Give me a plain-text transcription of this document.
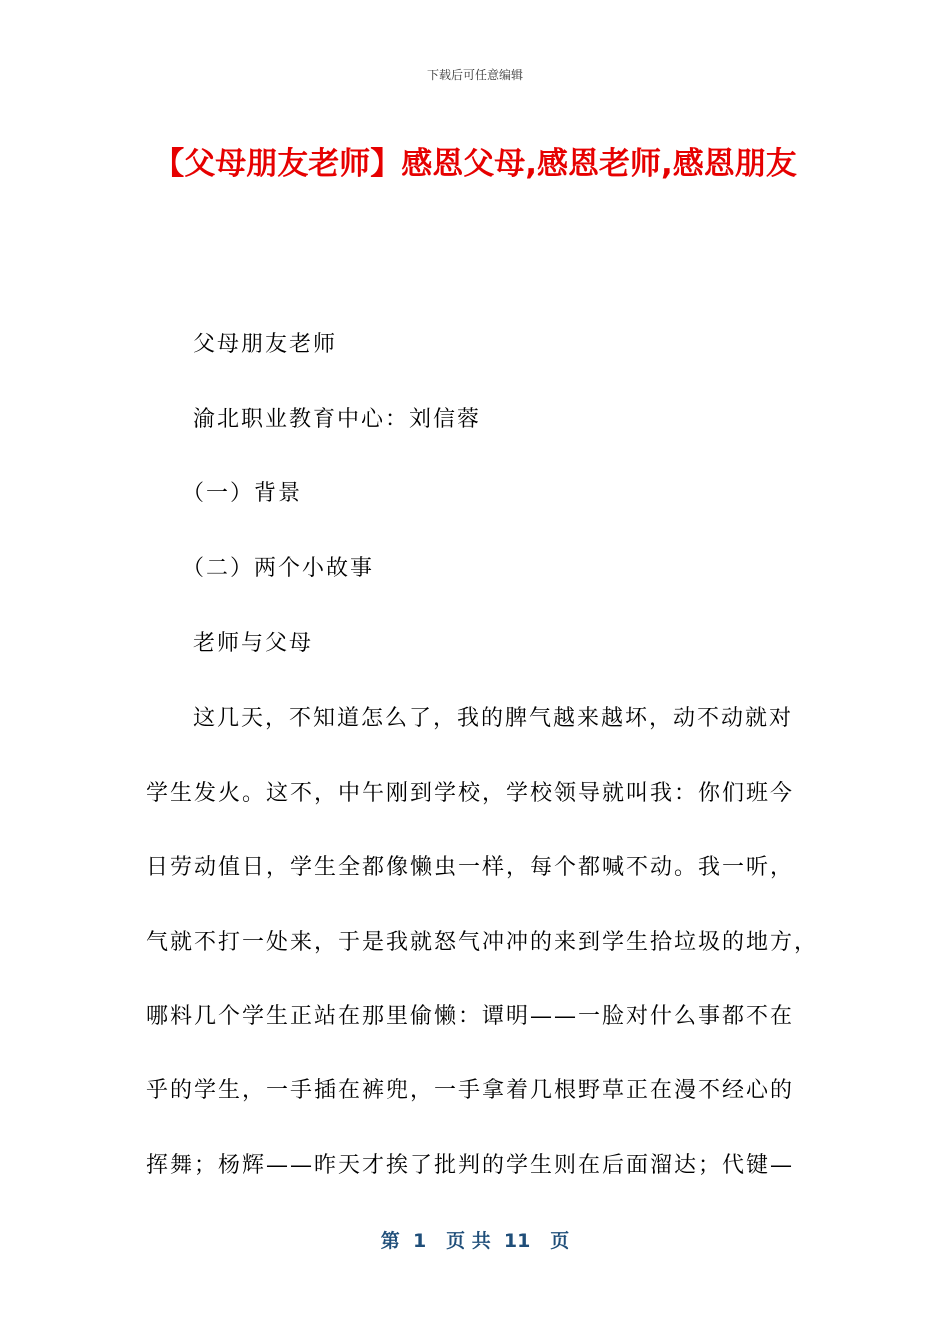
下载后可任意编辑
【父母朋友老师】感恩父母,感恩老师,感恩朋友
父母朋友老师
渝北职业教育中心：刘信蓉
（一）背景
（二）两个小故事
老师与父母
这几天，不知道怎么了，我的脾气越来越坏，动不动就对
学生发火。这不，中午刚到学校，学校领导就叫我：你们班今
日劳动值日，学生全都像懒虫一样，每个都喊不动。我一听，
气就不打一处来，于是我就怒气冲冲的来到学生拾垃圾的地方，
哪料几个学生正站在那里偷懒：谭明——一脸对什么事都不在
乎的学生，一手插在裤兜，一手拿着几根野草正在漫不经心的
挥舞；杨辉——昨天才挨了批判的学生则在后面溜达；代键—
第  1   页 共  11   页
